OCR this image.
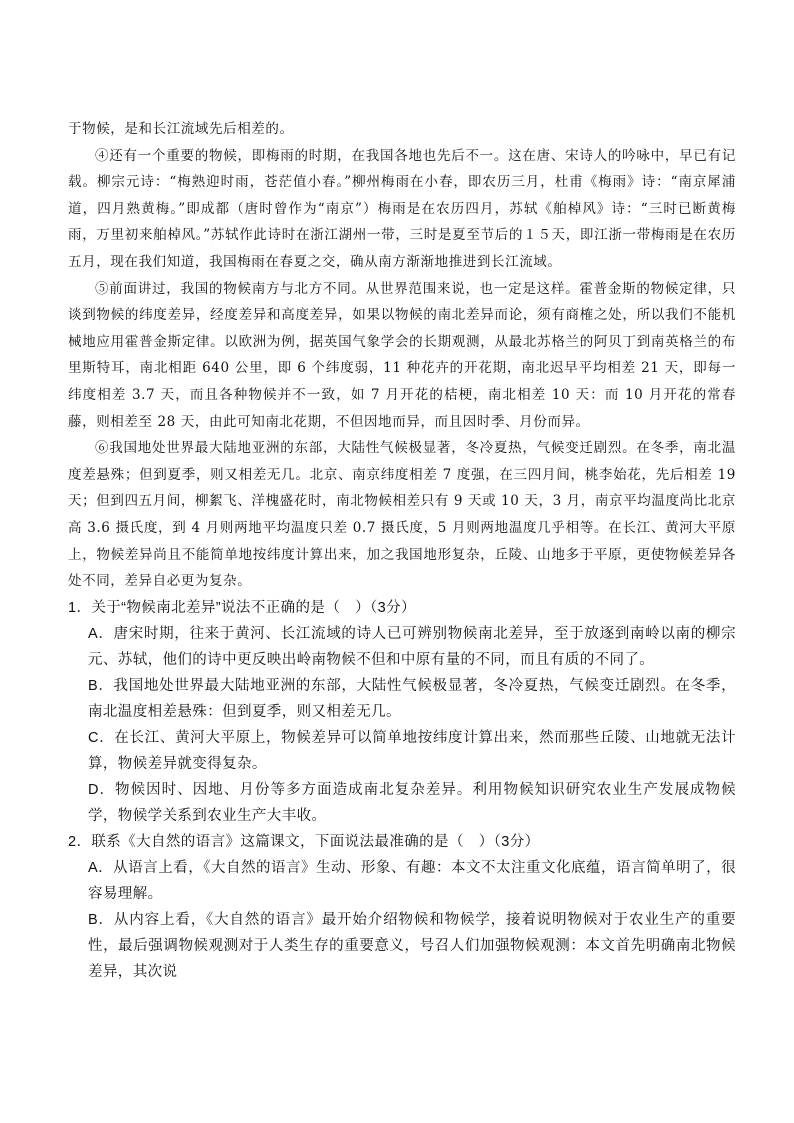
于物候，是和长江流域先后相差的。

④还有一个重要的物候，即梅雨的时期，在我国各地也先后不一。这在唐、宋诗人的吟咏中，早已有记载。柳宗元诗：“梅熟迎时雨，苍茫值小春。”柳州梅雨在小春，即农历三月，杜甫《梅雨》诗：“南京犀浦道，四月熟黄梅。”即成都（唐时曾作为“南京”）梅雨是在农历四月，苏轼《舶棹风》诗：“三时已断黄梅雨，万里初来舶棹风。”苏轼作此诗时在浙江湖州一带，三时是夏至节后的１５天，即江浙一带梅雨是在农历五月，现在我们知道，我国梅雨在春夏之交，确从南方渐渐地推进到长江流域。

⑤前面讲过，我国的物候南方与北方不同。从世界范围来说，也一定是这样。霍普金斯的物候定律，只谈到物候的纬度差异，经度差异和高度差异，如果以物候的南北差异而论，须有商榷之处，所以我们不能机械地应用霍普金斯定律。以欧洲为例，据英国气象学会的长期观测，从最北苏格兰的阿贝丁到南英格兰的布里斯特耳，南北相距 640 公里，即 6 个纬度弱，11 种花卉的开花期，南北迟早平均相差 21 天，即每一纬度相差 3.7 天，而且各种物候并不一致，如 7 月开花的桔梗，南北相差 10 天：而 10 月开花的常春藤，则相差至 28 天，由此可知南北花期，不但因地而异，而且因时季、月份而异。

⑥我国地处世界最大陆地亚洲的东部，大陆性气候极显著，冬冷夏热，气候变迁剧烈。在冬季，南北温度差悬殊；但到夏季，则又相差无几。北京、南京纬度相差 7 度强，在三四月间，桃李始花，先后相差 19 天；但到四五月间，柳絮飞、洋槐盛花时，南北物候相差只有 9 天或 10 天，3 月，南京平均温度尚比北京高 3.6 摄氏度，到 4 月则两地平均温度只差 0.7 摄氏度，5 月则两地温度几乎相等。在长江、黄河大平原上，物候差异尚且不能简单地按纬度计算出来，加之我国地形复杂，丘陵、山地多于平原，更使物候差异各处不同，差异自必更为复杂。

1．关于“物候南北差异”说法不正确的是（　）（3分）

A．唐宋时期，往来于黄河、长江流域的诗人已可辨别物候南北差异，至于放逐到南岭以南的柳宗元、苏轼，他们的诗中更反映出岭南物候不但和中原有量的不同，而且有质的不同了。

B．我国地处世界最大陆地亚洲的东部，大陆性气候极显著，冬冷夏热，气候变迁剧烈。在冬季，南北温度相差悬殊：但到夏季，则又相差无几。

C．在长江、黄河大平原上，物候差异可以简单地按纬度计算出来，然而那些丘陵、山地就无法计算，物候差异就变得复杂。

D．物候因时、因地、月份等多方面造成南北复杂差异。利用物候知识研究农业生产发展成物候学，物候学关系到农业生产大丰收。

2．联系《大自然的语言》这篇课文，下面说法最准确的是（　）（3分）

A．从语言上看，《大自然的语言》生动、形象、有趣：本文不太注重文化底蕴，语言简单明了，很容易理解。

B．从内容上看，《大自然的语言》最开始介绍物候和物候学，接着说明物候对于农业生产的重要性，最后强调物候观测对于人类生存的重要意义，号召人们加强物候观测：本文首先明确南北物候差异，其次说
